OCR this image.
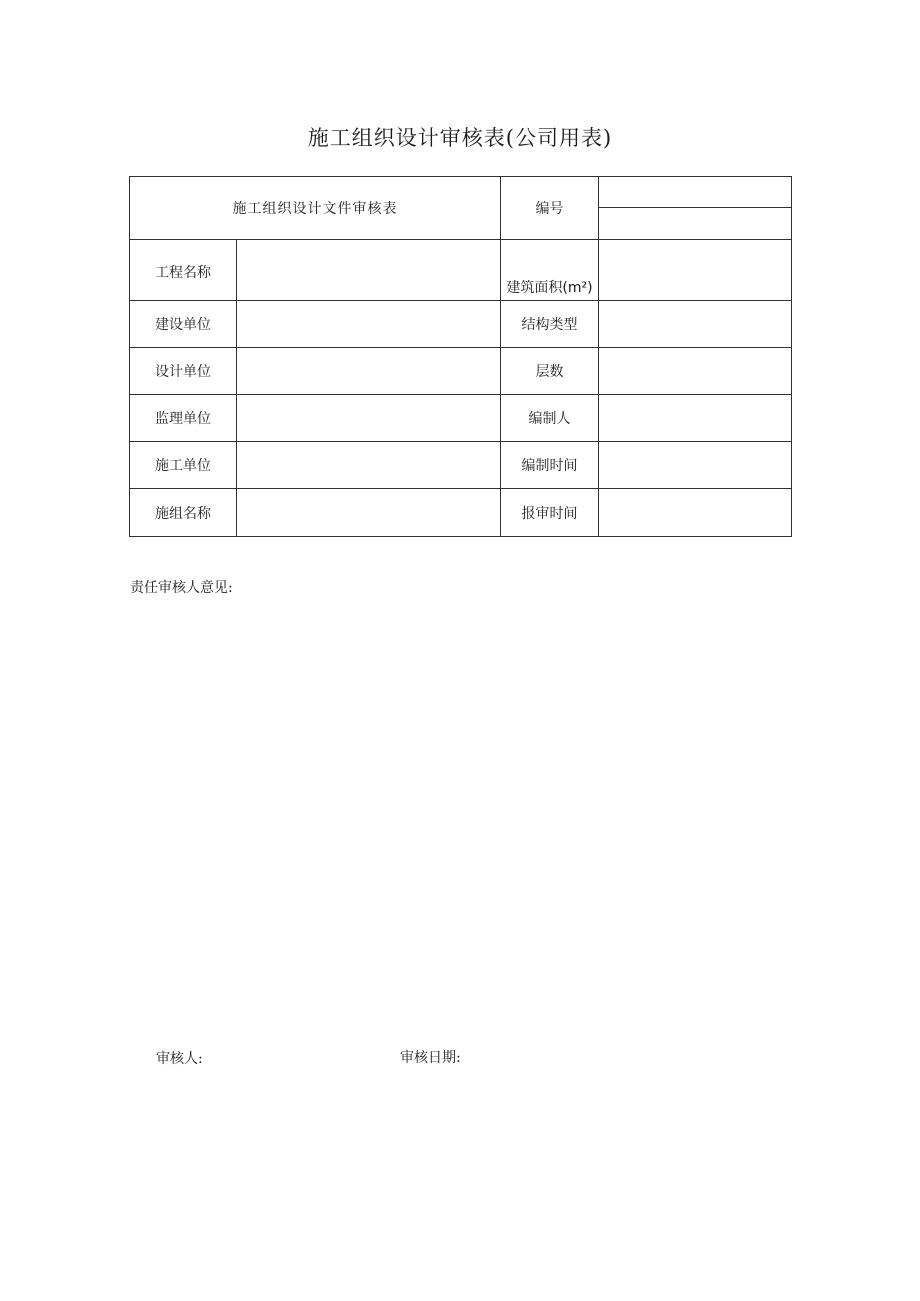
施工组织设计审核表(公司用表)
施工组织设计文件审核表		编号	

工程名称		建筑面积(m²)	
建设单位		结构类型	
设计单位		层数	
监理单位		编制人	
施工单位		编制时间	
施组名称		报审时间	
责任审核人意见:
审核人:	审核日期:
